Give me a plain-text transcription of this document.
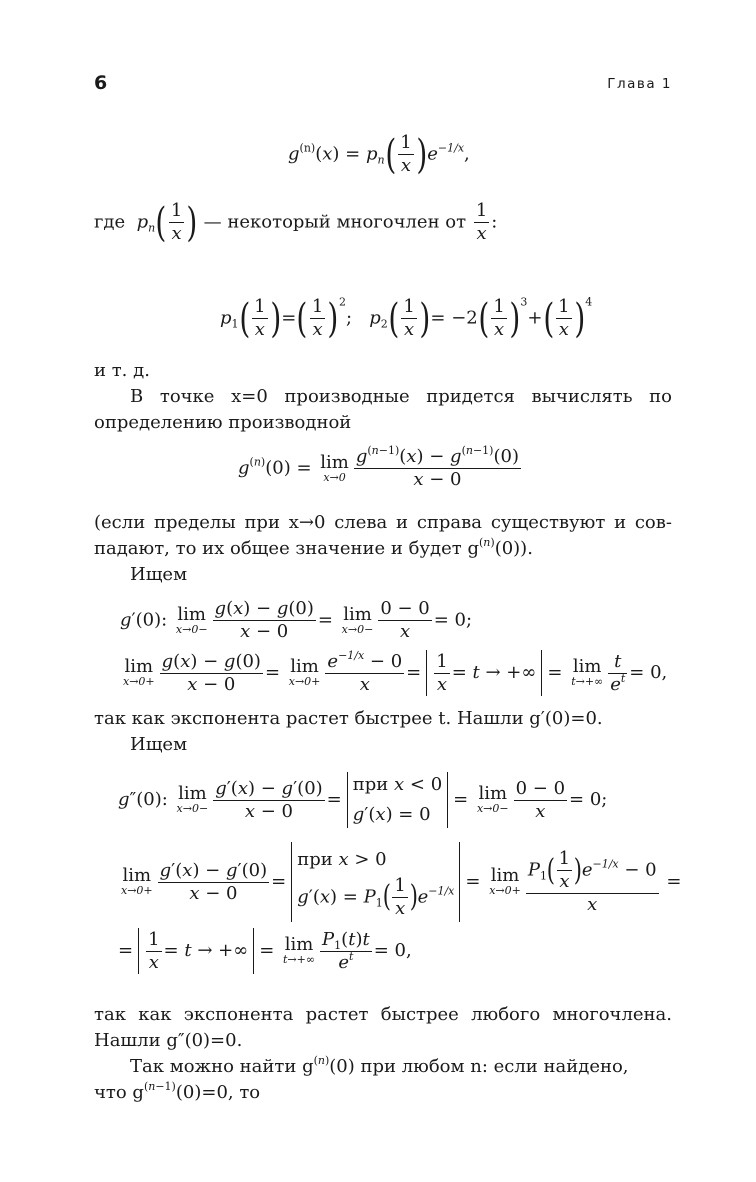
6	Глава 1
$g^{(n)}(x) = p_n( \frac{1}{x} )e^{-1/x}$,
где $p_n( \frac{1}{x}$ ) — некоторый многочлен от $\frac{1}{x}$ :
$p_1( \frac{1}{x}$ )=( $\frac{1}{x} )^2$;   $p_2( \frac{1}{x}$ )= $-2( \frac{1}{x} )^3+( \frac{1}{x} )^4$

и т. д.

В точке x=0 производные придется вычислять по

определению производной

$g^{(n)}(0) = \lim$
$x\to 0 \frac{g^{(n-1)}(x) - g^{(n-1)}(0)}{x - 0}$

(если пределы при x→0 слева и справа существуют и сов-

падают, то их общее значение и будет $g^{(n)}(0)$).

Ищем

g′(0): lim
$x\to 0- \frac{g(x) - g(0)}{x - 0} = \lim$
$x\to 0- \frac{0 - 0}{x} = 0$;
lim
$x\to 0+ \frac{g(x) - g(0)}{x - 0} = \lim$
$x\to 0+ \frac{e^{-1/x} - 0}{x} = \frac{1}{x} = t$ → +∞ = lim
$t\to+\infty \frac{t}{e^t} = 0$,

так как экспонента растет быстрее t. Нашли g′(0)=0.

Ищем

g″(0): lim
$x\to 0- \frac{g'(x) - g'(0)}{x - 0} =при$ x < 0
g′(x) = 0= lim
$x\to 0- \frac{0 - 0}{x} = 0$;
lim
$x\to 0+ \frac{g'(x) - g'(0)}{x - 0} =при$ x > 0
$g'(x) = P_1( \frac{1}{x} )e^{-1/x} = \lim$
$x\to 0+ \frac{P_1( \frac{1}{x} )e^{-1/x} - 0}{x}$ =
= $\frac{1}{x} = t$ → +∞ = lim
$t\to+\infty \frac{P_1(t)t}{e^t} = 0$,

так как экспонента растет быстрее любого многочлена.

Нашли g″(0)=0.

Так можно найти $g^{(n)}(0)$ при любом n: если найдено,

что $g^{(n-1)}(0)=0$, то
